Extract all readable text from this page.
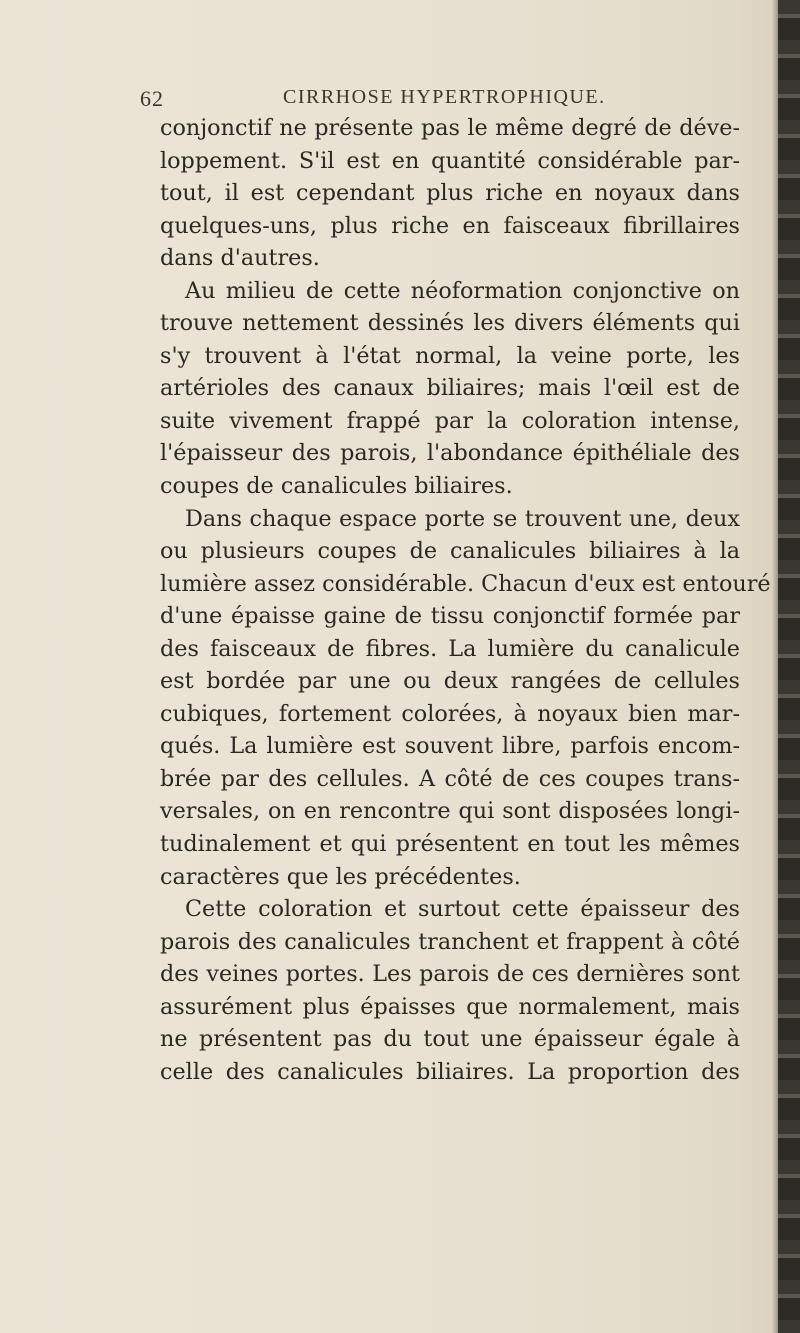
62	CIRRHOSE HYPERTROPHIQUE.
conjonctif ne présente pas le même degré de déve-
loppement. S'il est en quantité considérable par-
tout, il est cependant plus riche en noyaux dans
quelques-uns, plus riche en faisceaux fibrillaires
dans d'autres.
Au milieu de cette néoformation conjonctive on
trouve nettement dessinés les divers éléments qui
s'y trouvent à l'état normal, la veine porte, les
artérioles des canaux biliaires; mais l'œil est de
suite vivement frappé par la coloration intense,
l'épaisseur des parois, l'abondance épithéliale des
coupes de canalicules biliaires.
Dans chaque espace porte se trouvent une, deux
ou plusieurs coupes de canalicules biliaires à la
lumière assez considérable. Chacun d'eux est entouré
d'une épaisse gaine de tissu conjonctif formée par
des faisceaux de fibres. La lumière du canalicule
est bordée par une ou deux rangées de cellules
cubiques, fortement colorées, à noyaux bien mar-
qués. La lumière est souvent libre, parfois encom-
brée par des cellules. A côté de ces coupes trans-
versales, on en rencontre qui sont disposées longi-
tudinalement et qui présentent en tout les mêmes
caractères que les précédentes.
Cette coloration et surtout cette épaisseur des
parois des canalicules tranchent et frappent à côté
des veines portes. Les parois de ces dernières sont
assurément plus épaisses que normalement, mais
ne présentent pas du tout une épaisseur égale à
celle des canalicules biliaires. La proportion des
